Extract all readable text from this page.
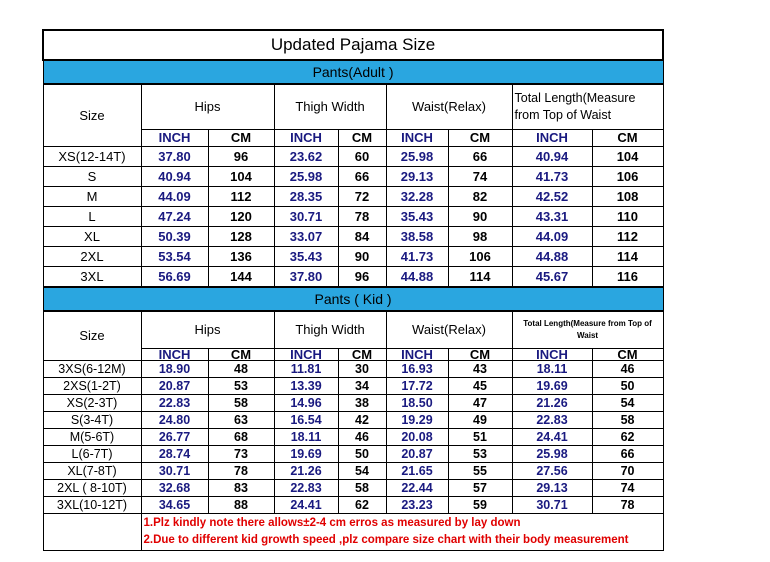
Updated Pajama Size								
Pants(Adult )								
Size	Hips		Thigh Width		Waist(Relax)		Total Length(Measure from Top of Waist	
	INCH	CM	INCH	CM	INCH	CM	INCH	CM
XS(12-14T)	37.80	96	23.62	60	25.98	66	40.94	104
S	40.94	104	25.98	66	29.13	74	41.73	106
M	44.09	112	28.35	72	32.28	82	42.52	108
L	47.24	120	30.71	78	35.43	90	43.31	110
XL	50.39	128	33.07	84	38.58	98	44.09	112
2XL	53.54	136	35.43	90	41.73	106	44.88	114
3XL	56.69	144	37.80	96	44.88	114	45.67	116
Pants ( Kid )								
Size	Hips		Thigh Width		Waist(Relax)		Total Length(Measure from Top of Waist	
	INCH	CM	INCH	CM	INCH	CM	INCH	CM
3XS(6-12M)	18.90	48	11.81	30	16.93	43	18.11	46
2XS(1-2T)	20.87	53	13.39	34	17.72	45	19.69	50
XS(2-3T)	22.83	58	14.96	38	18.50	47	21.26	54
S(3-4T)	24.80	63	16.54	42	19.29	49	22.83	58
M(5-6T)	26.77	68	18.11	46	20.08	51	24.41	62
L(6-7T)	28.74	73	19.69	50	20.87	53	25.98	66
XL(7-8T)	30.71	78	21.26	54	21.65	55	27.56	70
2XL ( 8-10T)	32.68	83	22.83	58	22.44	57	29.13	74
3XL(10-12T)	34.65	88	24.41	62	23.23	59	30.71	78

	1.Plz kindly note there allows±2-4 cm erros as measured by lay down
2.Due to different kid growth speed ,plz compare size chart with their body measurement							
